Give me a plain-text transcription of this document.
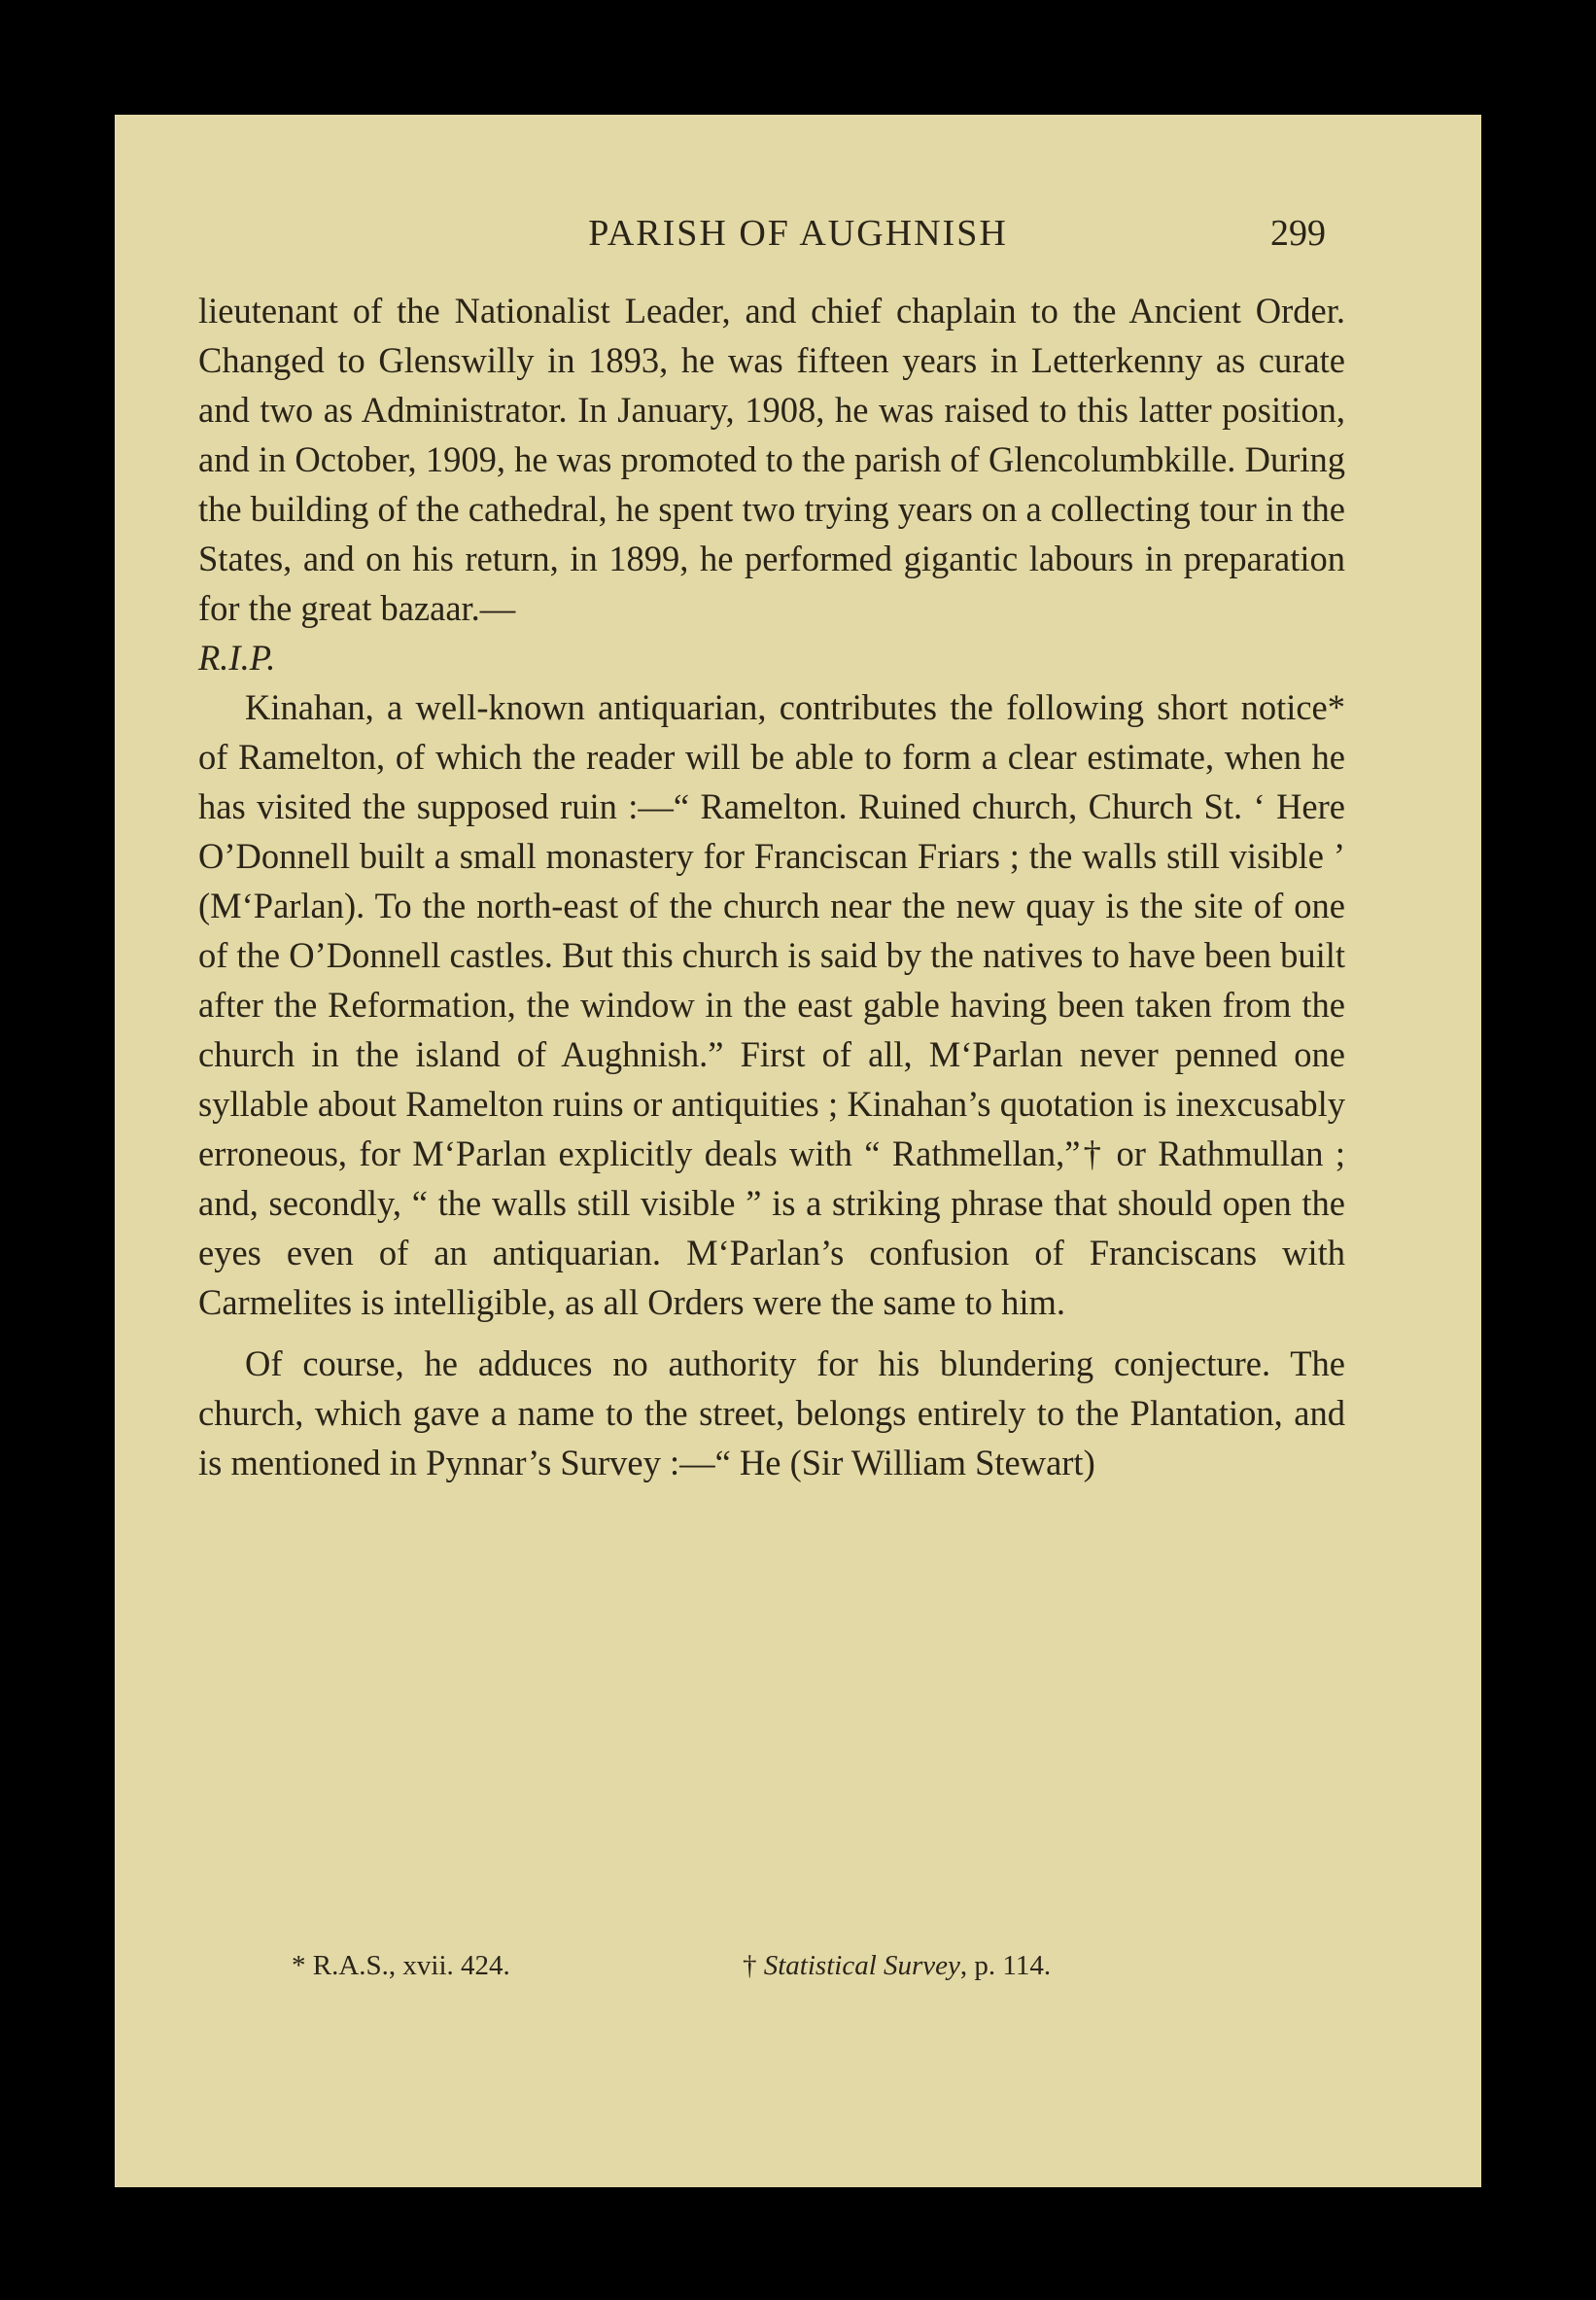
PARISH OF AUGHNISH	299

lieutenant of the Nationalist Leader, and chief chaplain to the Ancient Order. Changed to Glenswilly in 1893, he was fifteen years in Letterkenny as curate and two as Administrator. In January, 1908, he was raised to this latter position, and in October, 1909, he was promoted to the parish of Glencolumbkille. During the building of the cathedral, he spent two trying years on a collecting tour in the States, and on his return, in 1899, he performed gigantic labours in preparation for the great bazaar.—

R.I.P.

Kinahan, a well-known antiquarian, contributes the following short notice* of Ramelton, of which the reader will be able to form a clear estimate, when he has visited the supposed ruin :—“ Ramelton. Ruined church, Church St. ‘ Here O’Donnell built a small monastery for Franciscan Friars ; the walls still visible ’ (M‘Parlan). To the north-east of the church near the new quay is the site of one of the O’Donnell castles. But this church is said by the natives to have been built after the Reformation, the window in the east gable having been taken from the church in the island of Aughnish.” First of all, M‘Parlan never penned one syllable about Ramelton ruins or antiquities ; Kinahan’s quotation is inexcusably erroneous, for M‘Parlan explicitly deals with “ Rathmellan,”† or Rathmullan ; and, secondly, “ the walls still visible ” is a striking phrase that should open the eyes even of an antiquarian. M‘Parlan’s confusion of Franciscans with Carmelites is intelligible, as all Orders were the same to him.

Of course, he adduces no authority for his blundering conjecture. The church, which gave a name to the street, belongs entirely to the Plantation, and is mentioned in Pynnar’s Survey :—“ He (Sir William Stewart)

* R.A.S., xvii. 424.	† Statistical Survey, p. 114.
